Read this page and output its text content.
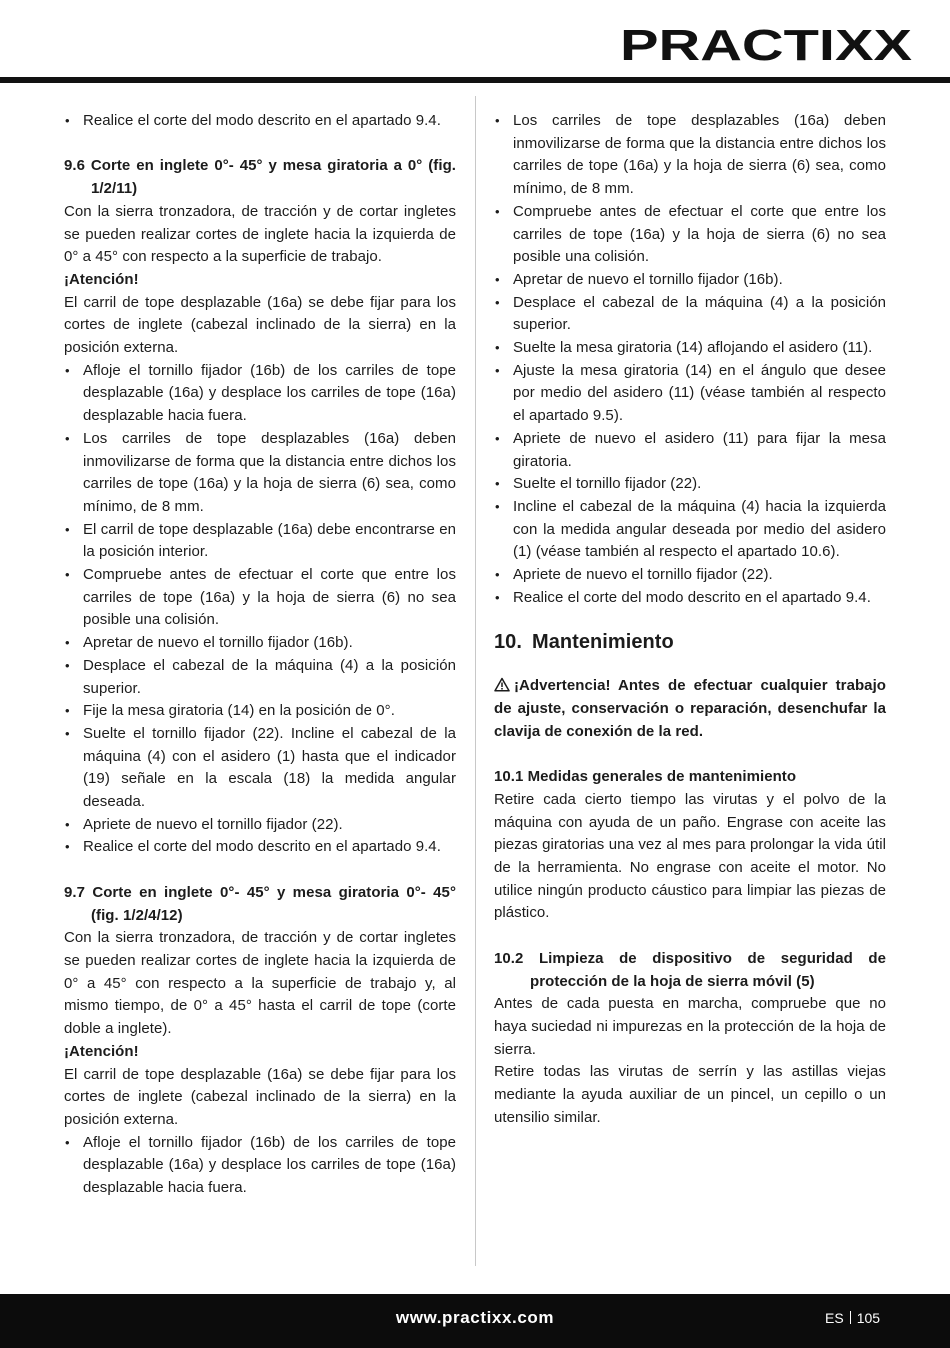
PRACTIXX
• Realice el corte del modo descrito en el apartado 9.4.

9.6 Corte en inglete 0°- 45° y mesa giratoria a 0° (fig. 1/2/11)

Con la sierra tronzadora, de tracción y de cortar ingletes se pueden realizar cortes de inglete hacia la izquierda de 0° a 45° con respecto a la superficie de trabajo.

¡Atención!

El carril de tope desplazable (16a) se debe fijar para los cortes de inglete (cabezal inclinado de la sierra) en la posición externa.

• Afloje el tornillo fijador (16b) de los carriles de tope desplazable (16a) y desplace los carriles de tope (16a) desplazable hacia fuera.
• Los carriles de tope desplazables (16a) deben inmovilizarse de forma que la distancia entre dichos los carriles de tope (16a) y la hoja de sierra (6) sea, como mínimo, de 8 mm.
• El carril de tope desplazable (16a) debe encontrarse en la posición interior.
• Compruebe antes de efectuar el corte que entre los carriles de tope (16a) y la hoja de sierra (6) no sea posible una colisión.
• Apretar de nuevo el tornillo fijador (16b).
• Desplace el cabezal de la máquina (4) a la posición superior.
• Fije la mesa giratoria (14) en la posición de 0°.
• Suelte el tornillo fijador (22). Incline el cabezal de la máquina (4) con el asidero (1) hasta que el indicador (19) señale en la escala (18) la medida angular deseada.
• Apriete de nuevo el tornillo fijador (22).
• Realice el corte del modo descrito en el apartado 9.4.

9.7 Corte en inglete 0°- 45° y mesa giratoria 0°- 45° (fig. 1/2/4/12)

Con la sierra tronzadora, de tracción y de cortar ingletes se pueden realizar cortes de inglete hacia la izquierda de 0° a 45° con respecto a la superficie de trabajo y, al mismo tiempo, de 0° a 45° hasta el carril de tope (corte doble a inglete).

¡Atención!

El carril de tope desplazable (16a) se debe fijar para los cortes de inglete (cabezal inclinado de la sierra) en la posición externa.

• Afloje el tornillo fijador (16b) de los carriles de tope desplazable (16a) y desplace los carriles de tope (16a) desplazable hacia fuera.
• Los carriles de tope desplazables (16a) deben inmovilizarse de forma que la distancia entre dichos los carriles de tope (16a) y la hoja de sierra (6) sea, como mínimo, de 8 mm.
• Compruebe antes de efectuar el corte que entre los carriles de tope (16a) y la hoja de sierra (6) no sea posible una colisión.
• Apretar de nuevo el tornillo fijador (16b).
• Desplace el cabezal de la máquina (4) a la posición superior.
• Suelte la mesa giratoria (14) aflojando el asidero (11).
• Ajuste la mesa giratoria (14) en el ángulo que desee por medio del asidero (11) (véase también al respecto el apartado 9.5).
• Apriete de nuevo el asidero (11) para fijar la mesa giratoria.
• Suelte el tornillo fijador (22).
• Incline el cabezal de la máquina (4) hacia la izquierda con la medida angular deseada por medio del asidero (1) (véase también al respecto el apartado 10.6).
• Apriete de nuevo el tornillo fijador (22).
• Realice el corte del modo descrito en el apartado 9.4.

10. Mantenimiento

¡Advertencia! Antes de efectuar cualquier trabajo de ajuste, conservación o reparación, desenchufar la clavija de conexión de la red.

10.1 Medidas generales de mantenimiento

Retire cada cierto tiempo las virutas y el polvo de la máquina con ayuda de un paño. Engrase con aceite las piezas giratorias una vez al mes para prolongar la vida útil de la herramienta. No engrase con aceite el motor. No utilice ningún producto cáustico para limpiar las piezas de plástico.

10.2 Limpieza de dispositivo de seguridad de protección de la hoja de sierra móvil (5)

Antes de cada puesta en marcha, compruebe que no haya suciedad ni impurezas en la protección de la hoja de sierra.

Retire todas las virutas de serrín y las astillas viejas mediante la ayuda auxiliar de un pincel, un cepillo o un utensilio similar.

www.practixx.com	ES 105
